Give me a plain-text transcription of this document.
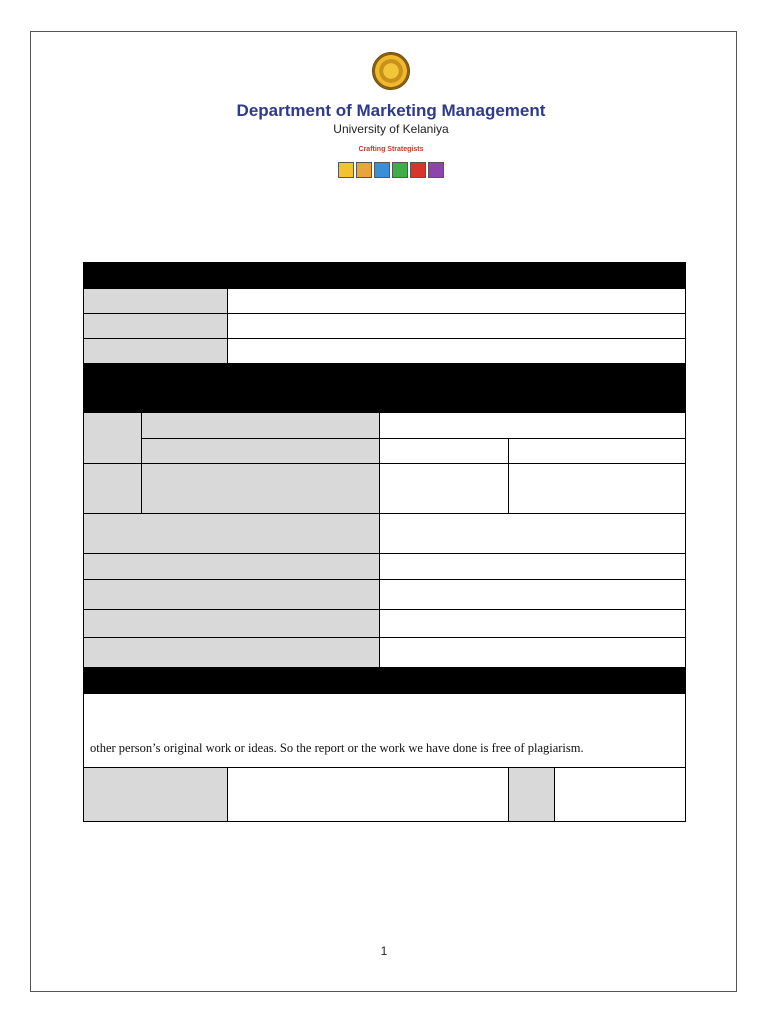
Department of Marketing Management
University of Kelaniya
Crafting Strategists
other person’s original work or ideas. So the report or the work we have done is free of plagiarism.
1
